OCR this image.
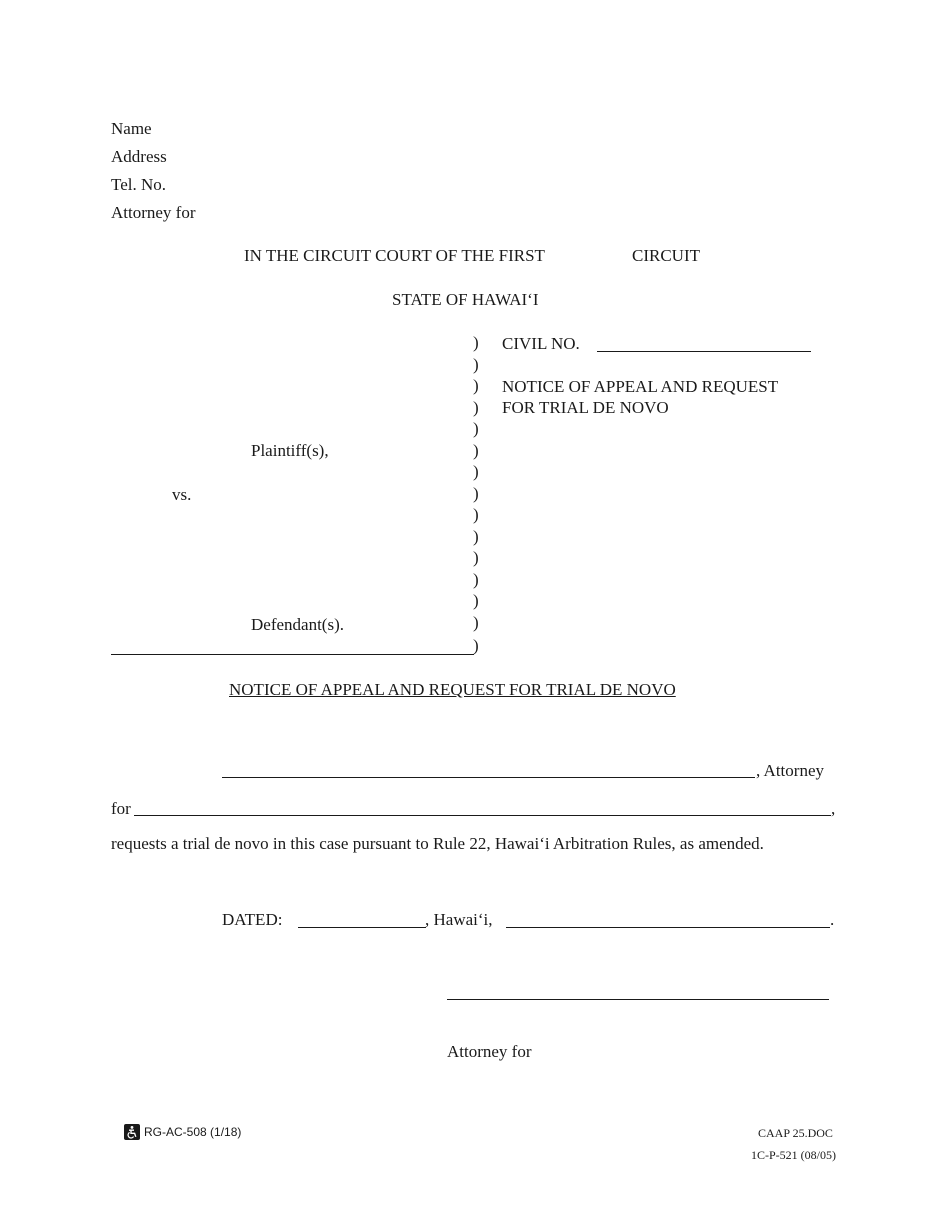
Name
Address
Tel. No.
Attorney for
IN THE CIRCUIT COURT OF THE FIRST	CIRCUIT
STATE OF HAWAI‘I
)
)
)
)
)
)
)
)
)
)
)
)
)
)
)
Plaintiff(s),
vs.
Defendant(s).
CIVIL NO.
NOTICE OF APPEAL AND REQUEST
FOR TRIAL DE NOVO
NOTICE OF APPEAL AND REQUEST FOR TRIAL DE NOVO
, Attorney
for	,
requests a trial de novo in this case pursuant to Rule 22, Hawai‘i Arbitration Rules, as amended.
DATED:	, Hawai‘i,	.
Attorney for
RG-AC-508 (1/18)	CAAP 25.DOC
1C-P-521 (08/05)
